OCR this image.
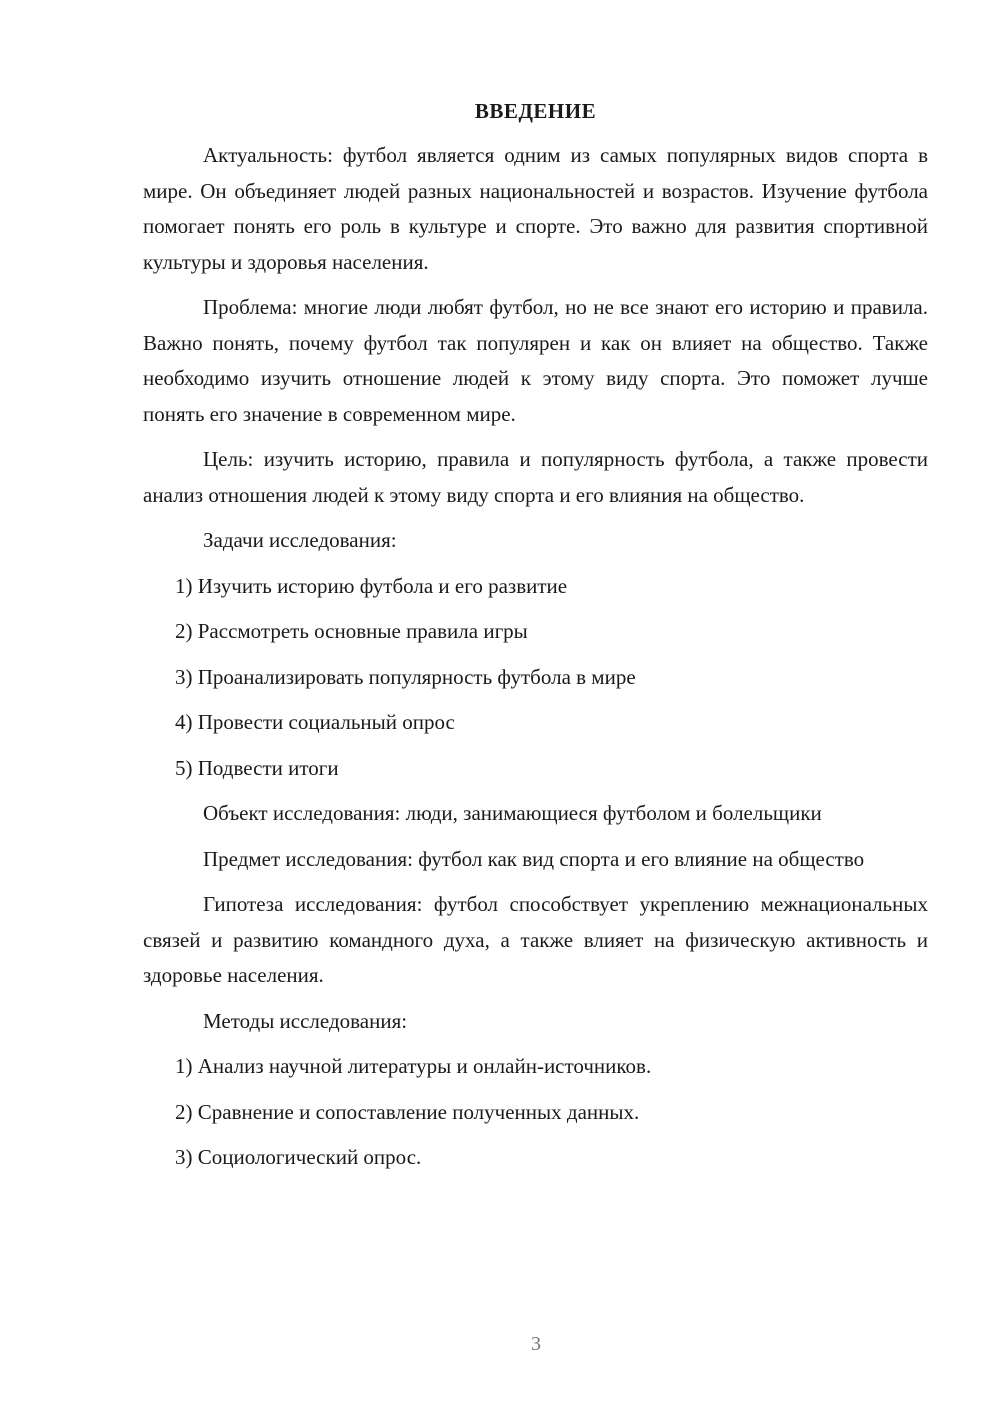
ВВЕДЕНИЕ

Актуальность: футбол является одним из самых популярных видов спорта в мире. Он объединяет людей разных национальностей и возрастов. Изучение футбола помогает понять его роль в культуре и спорте. Это важно для развития спортивной культуры и здоровья населения.

Проблема: многие люди любят футбол, но не все знают его историю и правила. Важно понять, почему футбол так популярен и как он влияет на общество. Также необходимо изучить отношение людей к этому виду спорта. Это поможет лучше понять его значение в современном мире.

Цель: изучить историю, правила и популярность футбола, а также провести анализ отношения людей к этому виду спорта и его влияния на общество.

Задачи исследования:

1) Изучить историю футбола и его развитие
2) Рассмотреть основные правила игры
3) Проанализировать популярность футбола в мире
4) Провести социальный опрос
5) Подвести итоги

Объект исследования: люди, занимающиеся футболом и болельщики

Предмет исследования: футбол как вид спорта и его влияние на общество

Гипотеза исследования: футбол способствует укреплению межнациональных связей и развитию командного духа, а также влияет на физическую активность и здоровье населения.

Методы исследования:

1) Анализ научной литературы и онлайн-источников.
2) Сравнение и сопоставление полученных данных.
3) Социологический опрос.
3
